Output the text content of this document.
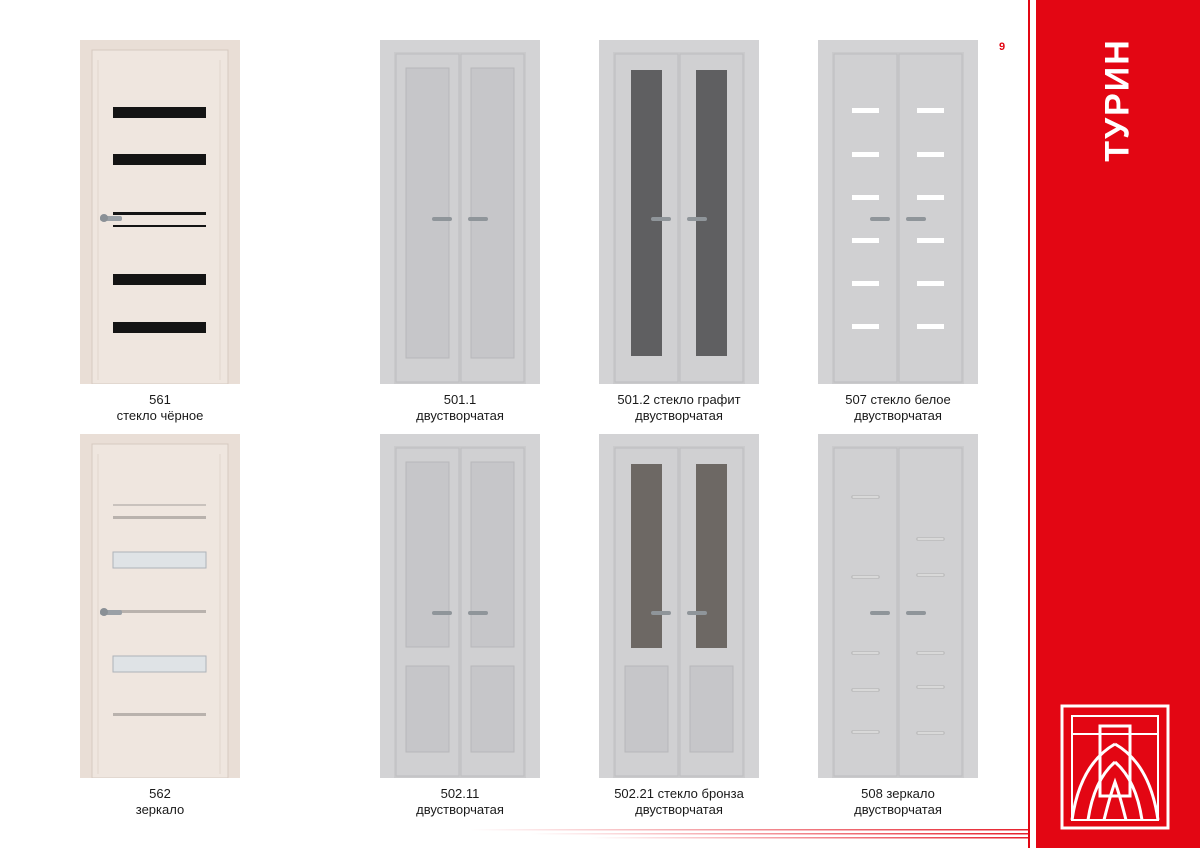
561
стекло чёрное
501.1
двустворчатая
501.2 стекло графит
двустворчатая
507 стекло белое
двустворчатая
562
зеркало
502.11
двустворчатая
502.21 стекло бронза
двустворчатая
508 зеркало
двустворчатая
9	ТУРИН
